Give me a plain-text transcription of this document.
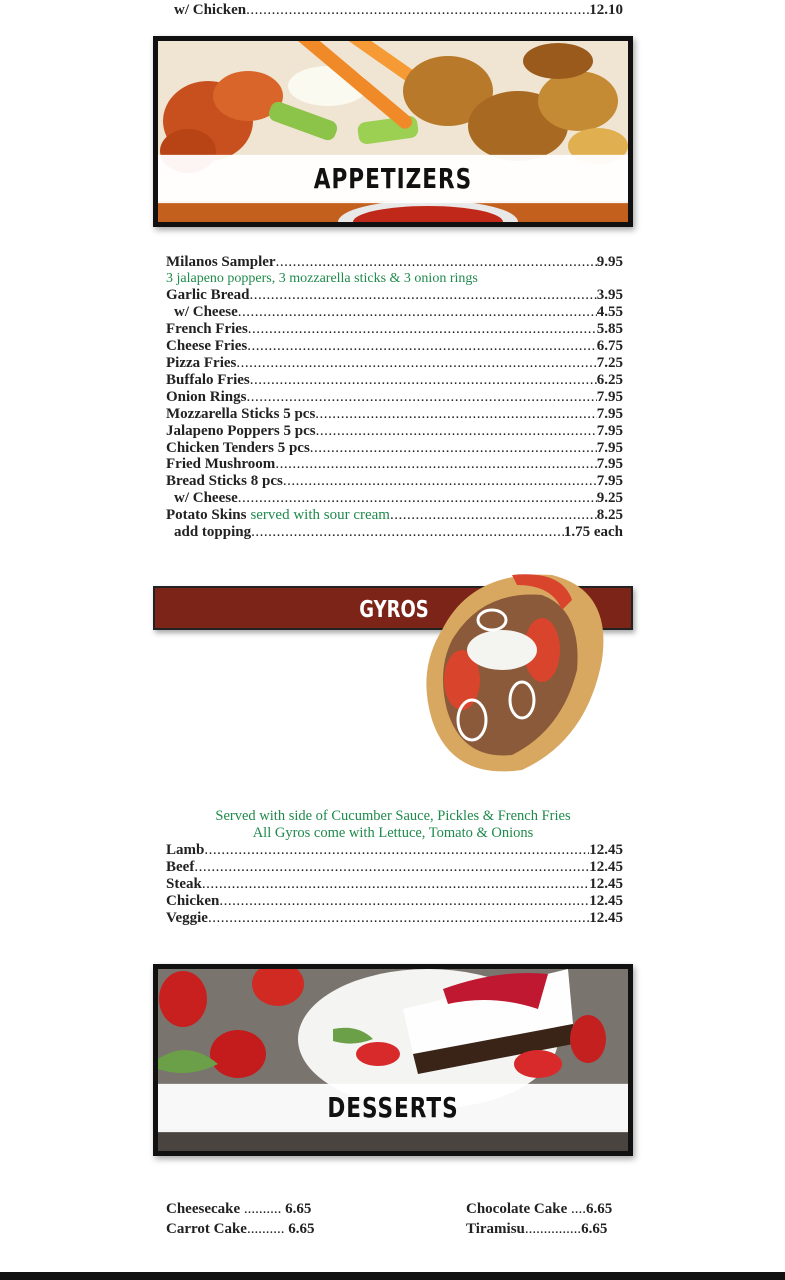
w/ Chicken .....	12.10
APPETIZERS
Milanos Sampler .....	9.95
3 jalapeno poppers, 3 mozzarella sticks & 3 onion rings
Garlic Bread .....	3.95
w/ Cheese .....	4.55
French Fries .....	5.85
Cheese Fries .....	6.75
Pizza Fries .....	7.25
Buffalo Fries .....	6.25
Onion Rings .....	7.95
Mozzarella Sticks 5 pcs .....	7.95
Jalapeno Poppers 5 pcs .....	7.95
Chicken Tenders 5 pcs .....	7.95
Fried Mushroom .....	7.95
Bread Sticks 8 pcs .....	7.95
w/ Cheese .....	9.25
Potato Skins served with sour cream .....	8.25
add topping .....	1.75 each
GYROS
Served with side of Cucumber Sauce, Pickles & French Fries
All Gyros come with Lettuce, Tomato & Onions
Lamb .....	12.45
Beef .....	12.45
Steak .....	12.45
Chicken .....	12.45
Veggie .....	12.45
DESSERTS
Cheesecake .......... 6.65	Chocolate Cake ....6.65
Carrot Cake.......... 6.65	Tiramisu...............6.65
